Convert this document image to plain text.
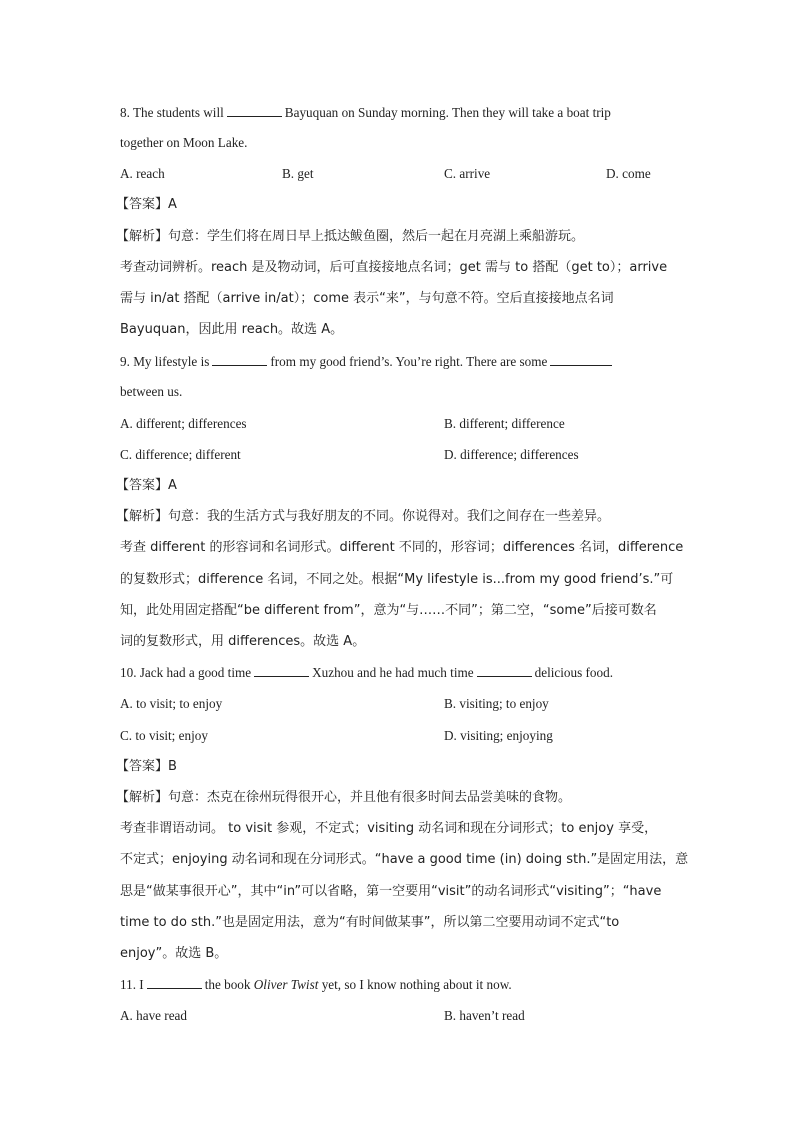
8. The students will	Bayuquan on Sunday morning. Then they will take a boat trip
together on Moon Lake.
A. reach	B. get	C. arrive	D. come
【答案】A
【解析】句意：学生们将在周日早上抵达鲅鱼圈，然后一起在月亮湖上乘船游玩。
考查动词辨析。reach 是及物动词，后可直接接地点名词；get 需与 to 搭配（get to）；arrive
需与 in/at 搭配（arrive in/at）；come 表示“来”，与句意不符。空后直接接地点名词
Bayuquan，因此用 reach。故选 A。
9. My lifestyle is	from my good friend’s. You’re right. There are some
between us.
A. different; differences	B. different; difference
C. difference; different	D. difference; differences
【答案】A
【解析】句意：我的生活方式与我好朋友的不同。你说得对。我们之间存在一些差异。
考查 different 的形容词和名词形式。different 不同的，形容词；differences 名词，difference
的复数形式；difference 名词，不同之处。根据“My lifestyle is...from my good friend’s.”可
知，此处用固定搭配“be different from”，意为“与……不同”；第二空，“some”后接可数名
词的复数形式，用 differences。故选 A。
10. Jack had a good time	Xuzhou and he had much time	delicious food.
A. to visit; to enjoy	B. visiting; to enjoy
C. to visit; enjoy	D. visiting; enjoying
【答案】B
【解析】句意：杰克在徐州玩得很开心，并且他有很多时间去品尝美味的食物。
考查非谓语动词。 to visit 参观，不定式；visiting 动名词和现在分词形式；to enjoy 享受，
不定式；enjoying 动名词和现在分词形式。“have a good time (in) doing sth.”是固定用法，意
思是“做某事很开心”，其中“in”可以省略，第一空要用“visit”的动名词形式“visiting”；“have
time to do sth.”也是固定用法，意为“有时间做某事”，所以第二空要用动词不定式“to
enjoy”。故选 B。
11. I	the book Oliver Twist yet, so I know nothing about it now.
A. have read	B. haven’t read
